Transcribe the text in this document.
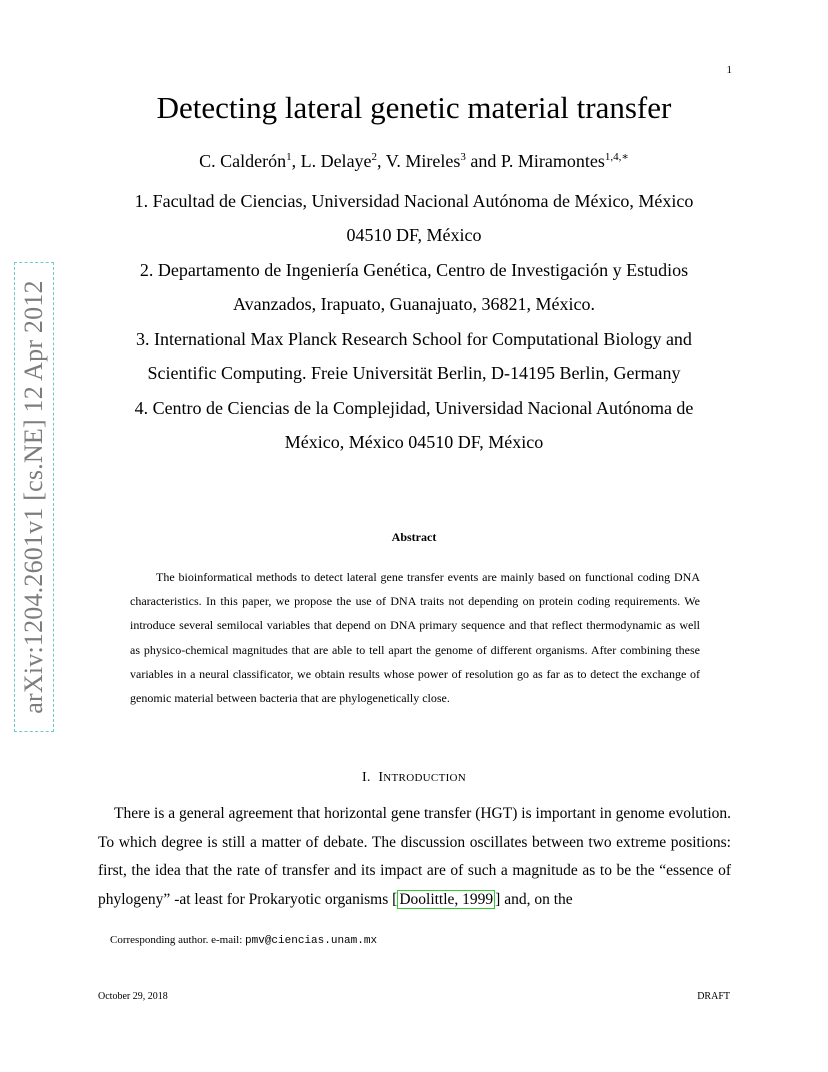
1
arXiv:1204.2601v1 [cs.NE] 12 Apr 2012
Detecting lateral genetic material transfer
C. Calderón$^1$, L. Delaye$^2$, V. Mireles$^3$ and P. Miramontes$^{1,4,∗}$
1. Facultad de Ciencias, Universidad Nacional Autónoma de México, México
04510 DF, México
2. Departamento de Ingeniería Genética, Centro de Investigación y Estudios
Avanzados, Irapuato, Guanajuato, 36821, México.
3. International Max Planck Research School for Computational Biology and
Scientific Computing. Freie Universität Berlin, D-14195 Berlin, Germany
4. Centro de Ciencias de la Complejidad, Universidad Nacional Autónoma de
México, México 04510 DF, México
Abstract

The bioinformatical methods to detect lateral gene transfer events are mainly based on functional coding DNA characteristics. In this paper, we propose the use of DNA traits not depending on protein coding requirements. We introduce several semilocal variables that depend on DNA primary sequence and that reflect thermodynamic as well as physico-chemical magnitudes that are able to tell apart the genome of different organisms. After combining these variables in a neural classificator, we obtain results whose power of resolution go as far as to detect the exchange of genomic material between bacteria that are phylogenetically close.

I. INTRODUCTION

There is a general agreement that horizontal gene transfer (HGT) is important in genome evolution. To which degree is still a matter of debate. The discussion oscillates between two extreme positions: first, the idea that the rate of transfer and its impact are of such a magnitude as to be the “essence of phylogeny” -at least for Prokaryotic organisms [ Doolittle, 1999 ] and, on the

Corresponding author. e-mail: pmv@ciencias.unam.mx
October 29, 2018	DRAFT
